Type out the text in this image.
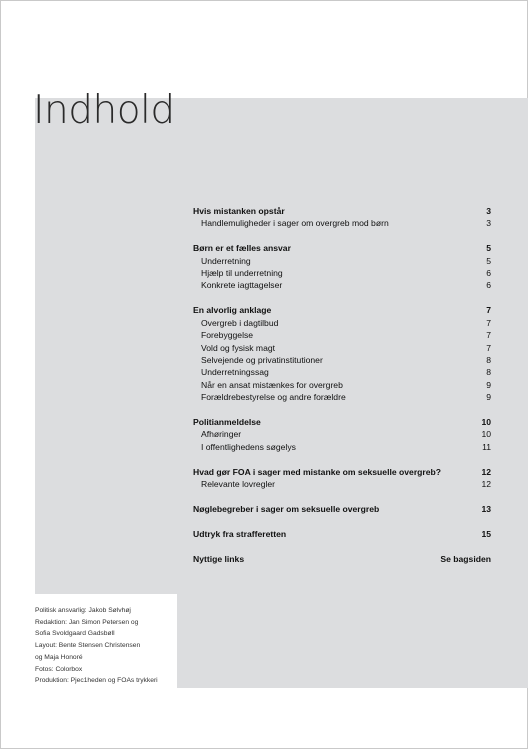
Indhold
Hvis mistanken opstår	3
Handlemuligheder i sager om overgreb mod børn	3
Børn er et fælles ansvar	5
Underretning	5
Hjælp til underretning	6
Konkrete iagttagelser	6
En alvorlig anklage	7
Overgreb i dagtilbud	7
Forebyggelse	7
Vold og fysisk magt	7
Selvejende og privatinstitutioner	8
Underretningssag	8
Når en ansat mistænkes for overgreb	9
Forældrebestyrelse og andre forældre	9
Politianmeldelse	10
Afhøringer	10
I offentlighedens søgelys	11
Hvad gør FOA i sager med mistanke om seksuelle overgreb?	12
Relevante lovregler	12
Nøglebegreber i sager om seksuelle overgreb	13
Udtryk fra strafferetten	15
Nyttige links	Se bagsiden
Politisk ansvarlig: Jakob Sølvhøj
Redaktion: Jan Simon Petersen og
Sofia Svoldgaard Gadsbøll
Layout: Bente Stensen Christensen
og Maja Honoré
Fotos: Colorbox
Produktion: Pjec1heden og FOAs trykkeri
